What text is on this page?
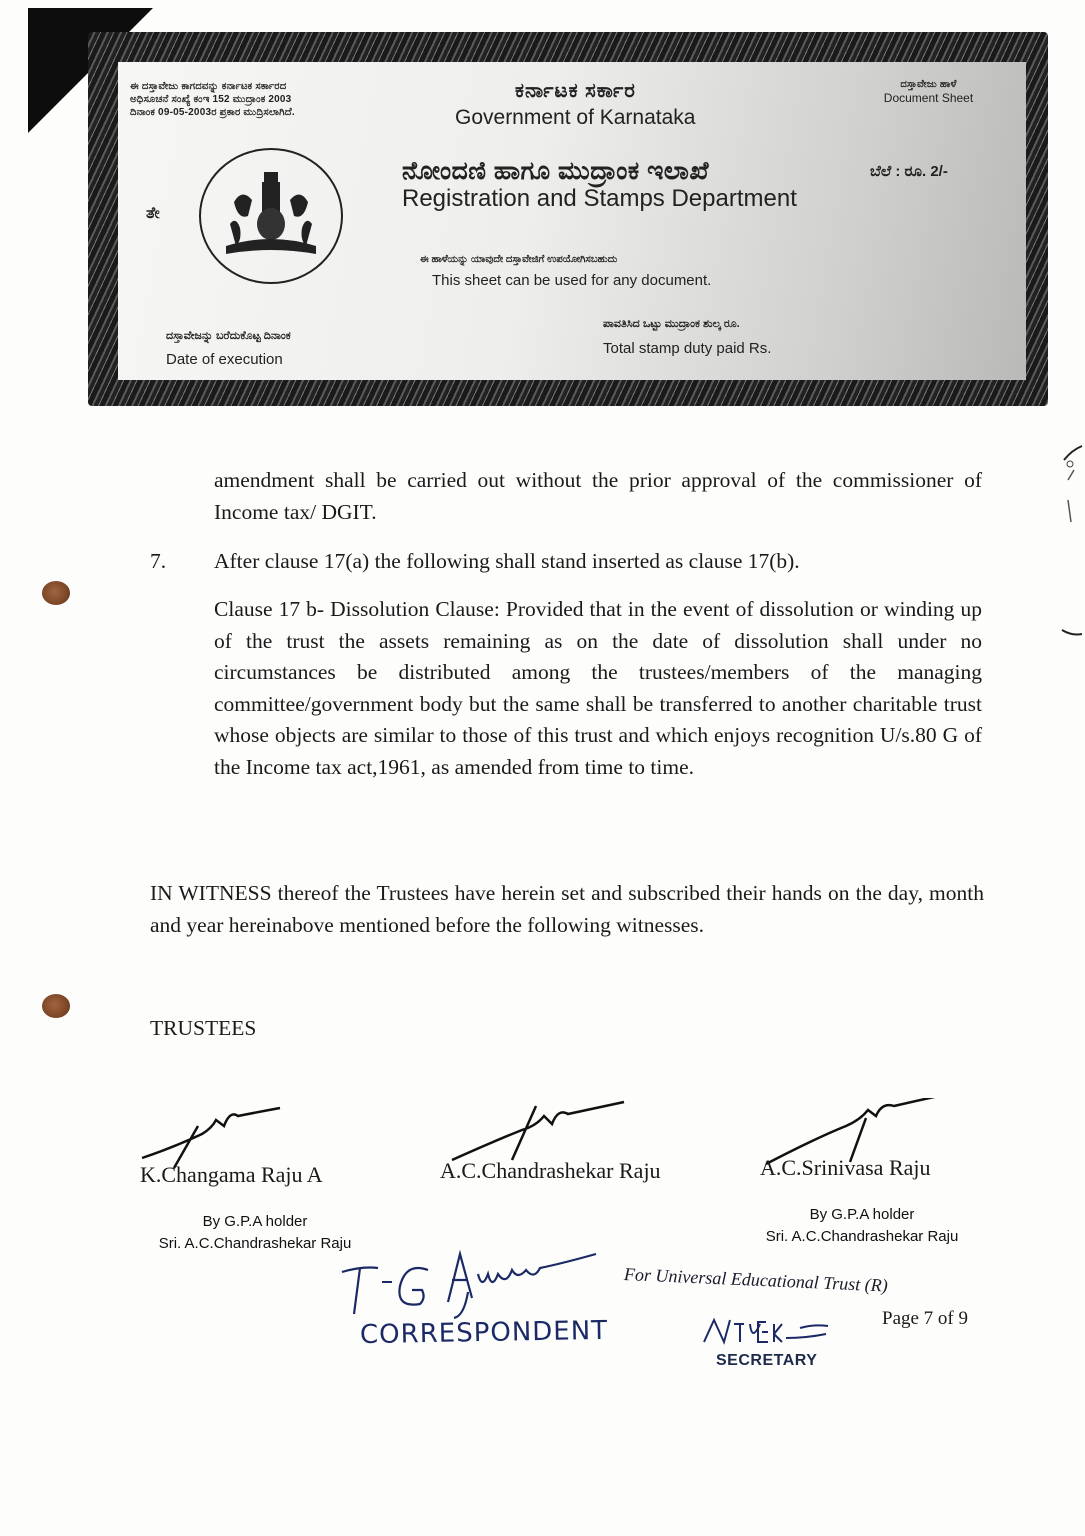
ಈ ದಸ್ತಾವೇಜು ಕಾಗದವನ್ನು ಕರ್ನಾಟಕ ಸರ್ಕಾರದ
ಅಧಿಸೂಚನೆ ಸಂಖ್ಯೆ ಕಂಇ 152 ಮುದ್ರಾಂಕ 2003
ದಿನಾಂಕ 09-05-2003ರ ಪ್ರಕಾರ ಮುದ್ರಿಸಲಾಗಿದೆ.
ಕರ್ನಾಟಕ ಸರ್ಕಾರ
Government of Karnataka
ದಸ್ತಾವೇಜು ಹಾಳೆ
Document Sheet
ತೇ
ನೋಂದಣಿ ಹಾಗೂ ಮುದ್ರಾಂಕ ಇಲಾಖೆ
Registration and Stamps Department
ಬೆಲೆ : ರೂ. 2/-
ಈ ಹಾಳೆಯನ್ನು ಯಾವುದೇ ದಸ್ತಾವೇಜಿಗೆ ಉಪಯೋಗಿಸಬಹುದು
This sheet can be used for any document.
ದಸ್ತಾವೇಜನ್ನು ಬರೆದುಕೊಟ್ಟ ದಿನಾಂಕ
Date of execution
ಪಾವತಿಸಿದ ಒಟ್ಟು ಮುದ್ರಾಂಕ ಶುಲ್ಕ ರೂ.
Total stamp duty paid Rs.
amendment shall be carried out without the prior approval of the commissioner of Income tax/ DGIT.
7. After clause 17(a) the following shall stand inserted as clause 17(b).
Clause 17 b- Dissolution Clause: Provided that in the event of dissolution or winding up of the trust the assets remaining as on the date of dissolution shall under no circumstances be distributed among the trustees/members of the managing committee/government body but the same shall be transferred to another charitable trust whose objects are similar to those of this trust and which enjoys recognition U/s.80 G of the Income tax act,1961, as amended from time to time.
IN WITNESS thereof the Trustees have herein set and subscribed their hands on the day, month and year hereinabove mentioned before the following witnesses.
TRUSTEES
K.Changama Raju A	A.C.Chandrashekar Raju	A.C.Srinivasa Raju
By G.P.A holder
Sri. A.C.Chandrashekar Raju
By G.P.A holder
Sri. A.C.Chandrashekar Raju
CORRESPONDENT
For Universal Educational Trust (R)
Page 7 of 9
SECRETARY
